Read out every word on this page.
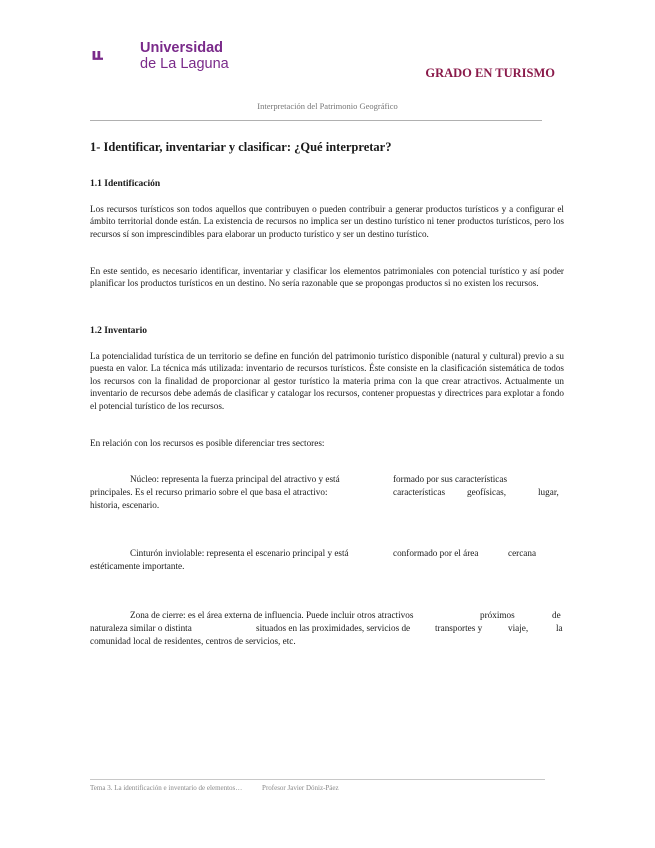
Universidad
de La Laguna
GRADO EN TURISMO
Interpretación del Patrimonio Geográfico
1- Identificar, inventariar y clasificar: ¿Qué interpretar?
1.1 Identificación
Los recursos turísticos son todos aquellos que contribuyen o pueden contribuir a generar productos turísticos y a configurar el ámbito territorial donde están. La existencia de recursos no implica ser un destino turístico ni tener productos turísticos, pero los recursos sí son imprescindibles para elaborar un producto turístico y ser un destino turístico.
En este sentido, es necesario identificar, inventariar y clasificar los elementos patrimoniales con potencial turístico y así poder planificar los productos turísticos en un destino. No sería razonable que se propongas productos si no existen los recursos.
1.2 Inventario
La potencialidad turística de un territorio se define en función del patrimonio turístico disponible (natural y cultural) previo a su puesta en valor. La técnica más utilizada: inventario de recursos turísticos. Éste consiste en la clasificación sistemática de todos los recursos con la finalidad de proporcionar al gestor turístico la materia prima con la que crear atractivos. Actualmente un inventario de recursos debe además de clasificar y catalogar los recursos, contener propuestas y directrices para explotar a fondo el potencial turístico de los recursos.
En relación con los recursos es posible diferenciar tres sectores:
Núcleo: representa la fuerza principal del atractivo y está	formado por sus características
principales. Es el recurso primario sobre el que basa el atractivo:	características geofísicas,	lugar,
historia, escenario.
Cinturón inviolable: representa el escenario principal y está	conformado por el área	cercana
estéticamente importante.
Zona de cierre: es el área externa de influencia. Puede incluir otros atractivos	próximos	de
naturaleza similar o distinta	situados en las proximidades, servicios de	transportes y	viaje,	la
comunidad local de residentes, centros de servicios, etc.
Tema 3. La identificación e inventario de elementos…	Profesor Javier Dóniz-Páez
